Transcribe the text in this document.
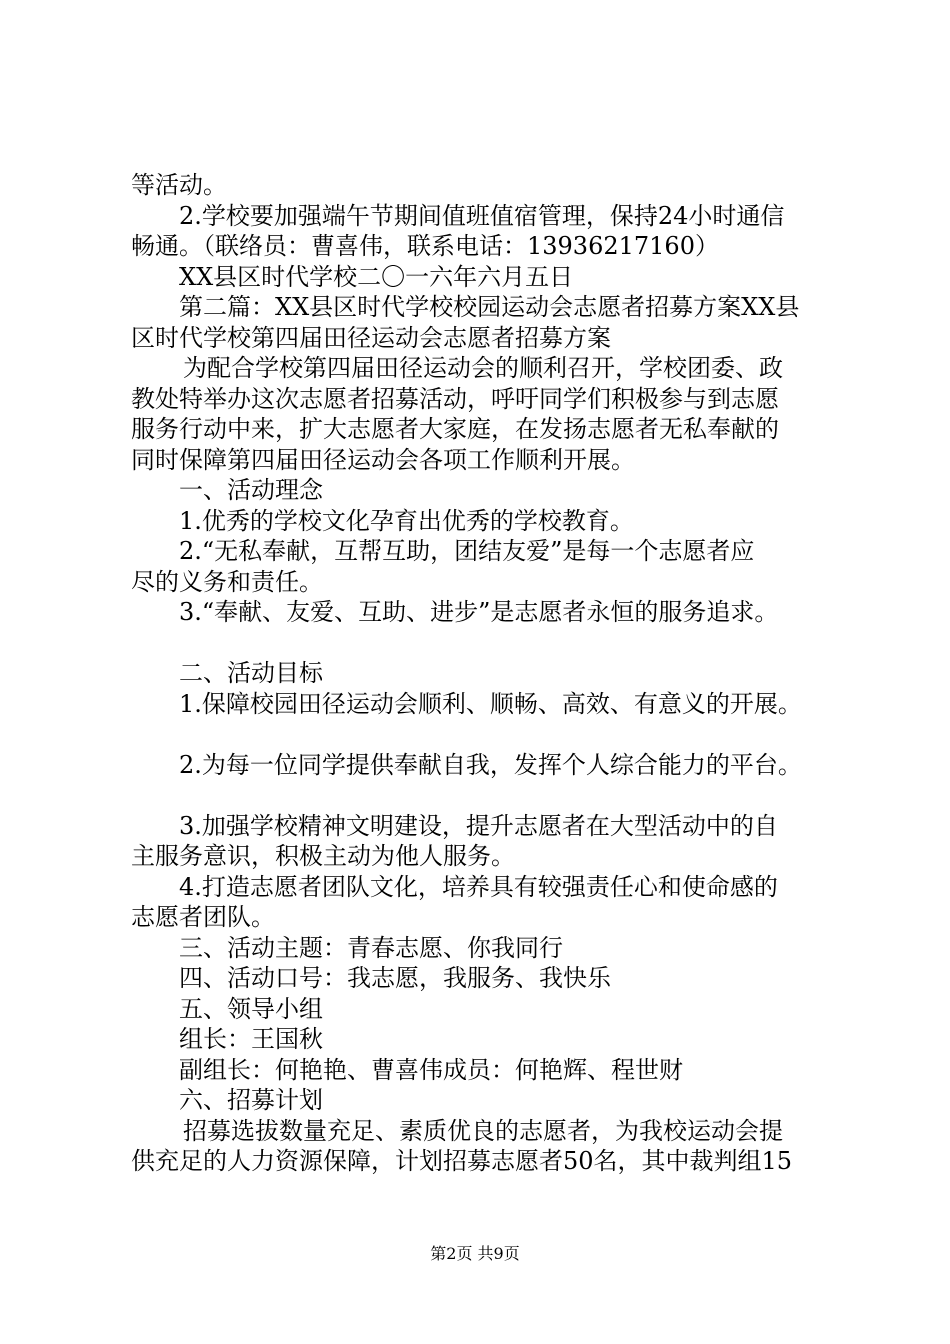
等活动。
2.学校要加强端午节期间值班值宿管理，保持24小时通信
畅通。（联络员：曹喜伟，联系电话：13936217160）
XX县区时代学校二〇一六年六月五日
第二篇：XX县区时代学校校园运动会志愿者招募方案XX县
区时代学校第四届田径运动会志愿者招募方案
为配合学校第四届田径运动会的顺利召开，学校团委、政
教处特举办这次志愿者招募活动，呼吁同学们积极参与到志愿
服务行动中来，扩大志愿者大家庭，在发扬志愿者无私奉献的
同时保障第四届田径运动会各项工作顺利开展。
一、活动理念
1.优秀的学校文化孕育出优秀的学校教育。
2.“无私奉献，互帮互助，团结友爱”是每一个志愿者应
尽的义务和责任。
3.“奉献、友爱、互助、进步”是志愿者永恒的服务追求。
二、活动目标
1.保障校园田径运动会顺利、顺畅、高效、有意义的开展。
2.为每一位同学提供奉献自我，发挥个人综合能力的平台。
3.加强学校精神文明建设，提升志愿者在大型活动中的自
主服务意识，积极主动为他人服务。
4.打造志愿者团队文化，培养具有较强责任心和使命感的
志愿者团队。
三、活动主题：青春志愿、你我同行
四、活动口号：我志愿，我服务、我快乐
五、领导小组
组长：王国秋
副组长：何艳艳、曹喜伟成员：何艳辉、程世财
六、招募计划
招募选拔数量充足、素质优良的志愿者，为我校运动会提
供充足的人力资源保障，计划招募志愿者50名，其中裁判组15
第2页 共9页
